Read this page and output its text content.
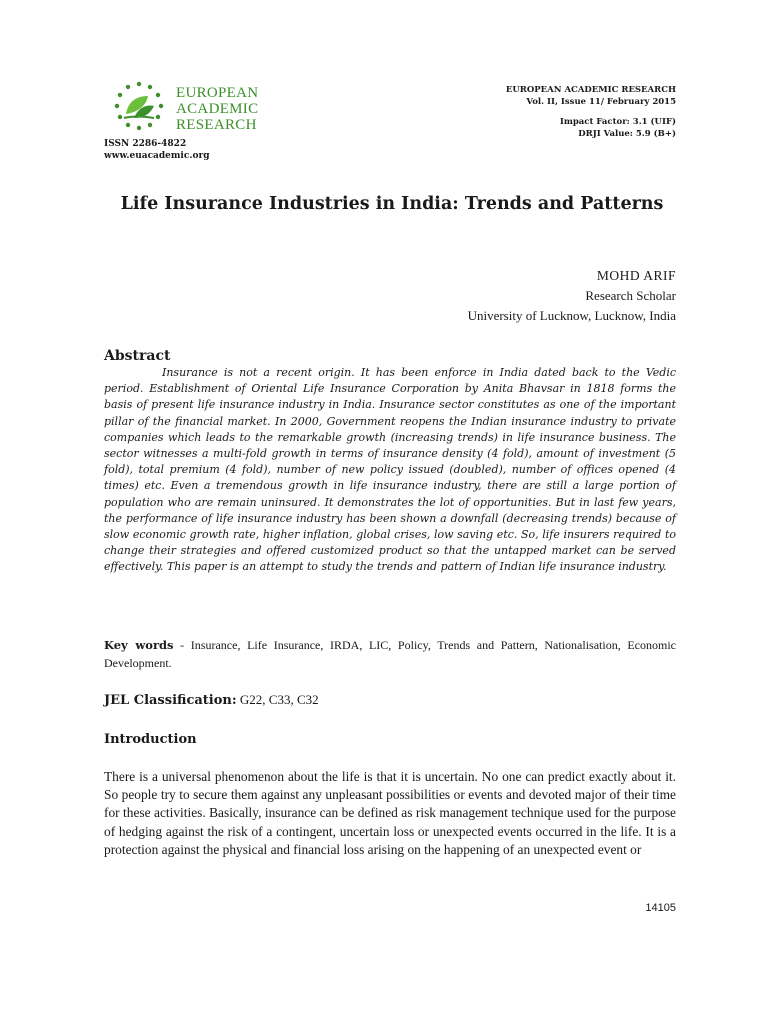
EUROPEAN
ACADEMIC
RESEARCH
ISSN 2286-4822
www.euacademic.org
EUROPEAN ACADEMIC RESEARCH
Vol. II, Issue 11/ February 2015
Impact Factor: 3.1 (UIF)
DRJI Value: 5.9 (B+)
Life Insurance Industries in India: Trends and Patterns
MOHD ARIF
Research Scholar
University of Lucknow, Lucknow, India
Abstract
Insurance is not a recent origin. It has been enforce in India dated back to the Vedic period. Establishment of Oriental Life Insurance Corporation by Anita Bhavsar in 1818 forms the basis of present life insurance industry in India. Insurance sector constitutes as one of the important pillar of the financial market. In 2000, Government reopens the Indian insurance industry to private companies which leads to the remarkable growth (increasing trends) in life insurance business. The sector witnesses a multi-fold growth in terms of insurance density (4 fold), amount of investment (5 fold), total premium (4 fold), number of new policy issued (doubled), number of offices opened (4 times) etc. Even a tremendous growth in life insurance industry, there are still a large portion of population who are remain uninsured. It demonstrates the lot of opportunities. But in last few years, the performance of life insurance industry has been shown a downfall (decreasing trends) because of slow economic growth rate, higher inflation, global crises, low saving etc. So, life insurers required to change their strategies and offered customized product so that the untapped market can be served effectively. This paper is an attempt to study the trends and pattern of Indian life insurance industry.
Key words - Insurance, Life Insurance, IRDA, LIC, Policy, Trends and Pattern, Nationalisation, Economic Development.
JEL Classification: G22, C33, C32
Introduction
There is a universal phenomenon about the life is that it is uncertain. No one can predict exactly about it. So people try to secure them against any unpleasant possibilities or events and devoted major of their time for these activities. Basically, insurance can be defined as risk management technique used for the purpose of hedging against the risk of a contingent, uncertain loss or unexpected events occurred in the life. It is a protection against the physical and financial loss arising on the happening of an unexpected event or
14105
